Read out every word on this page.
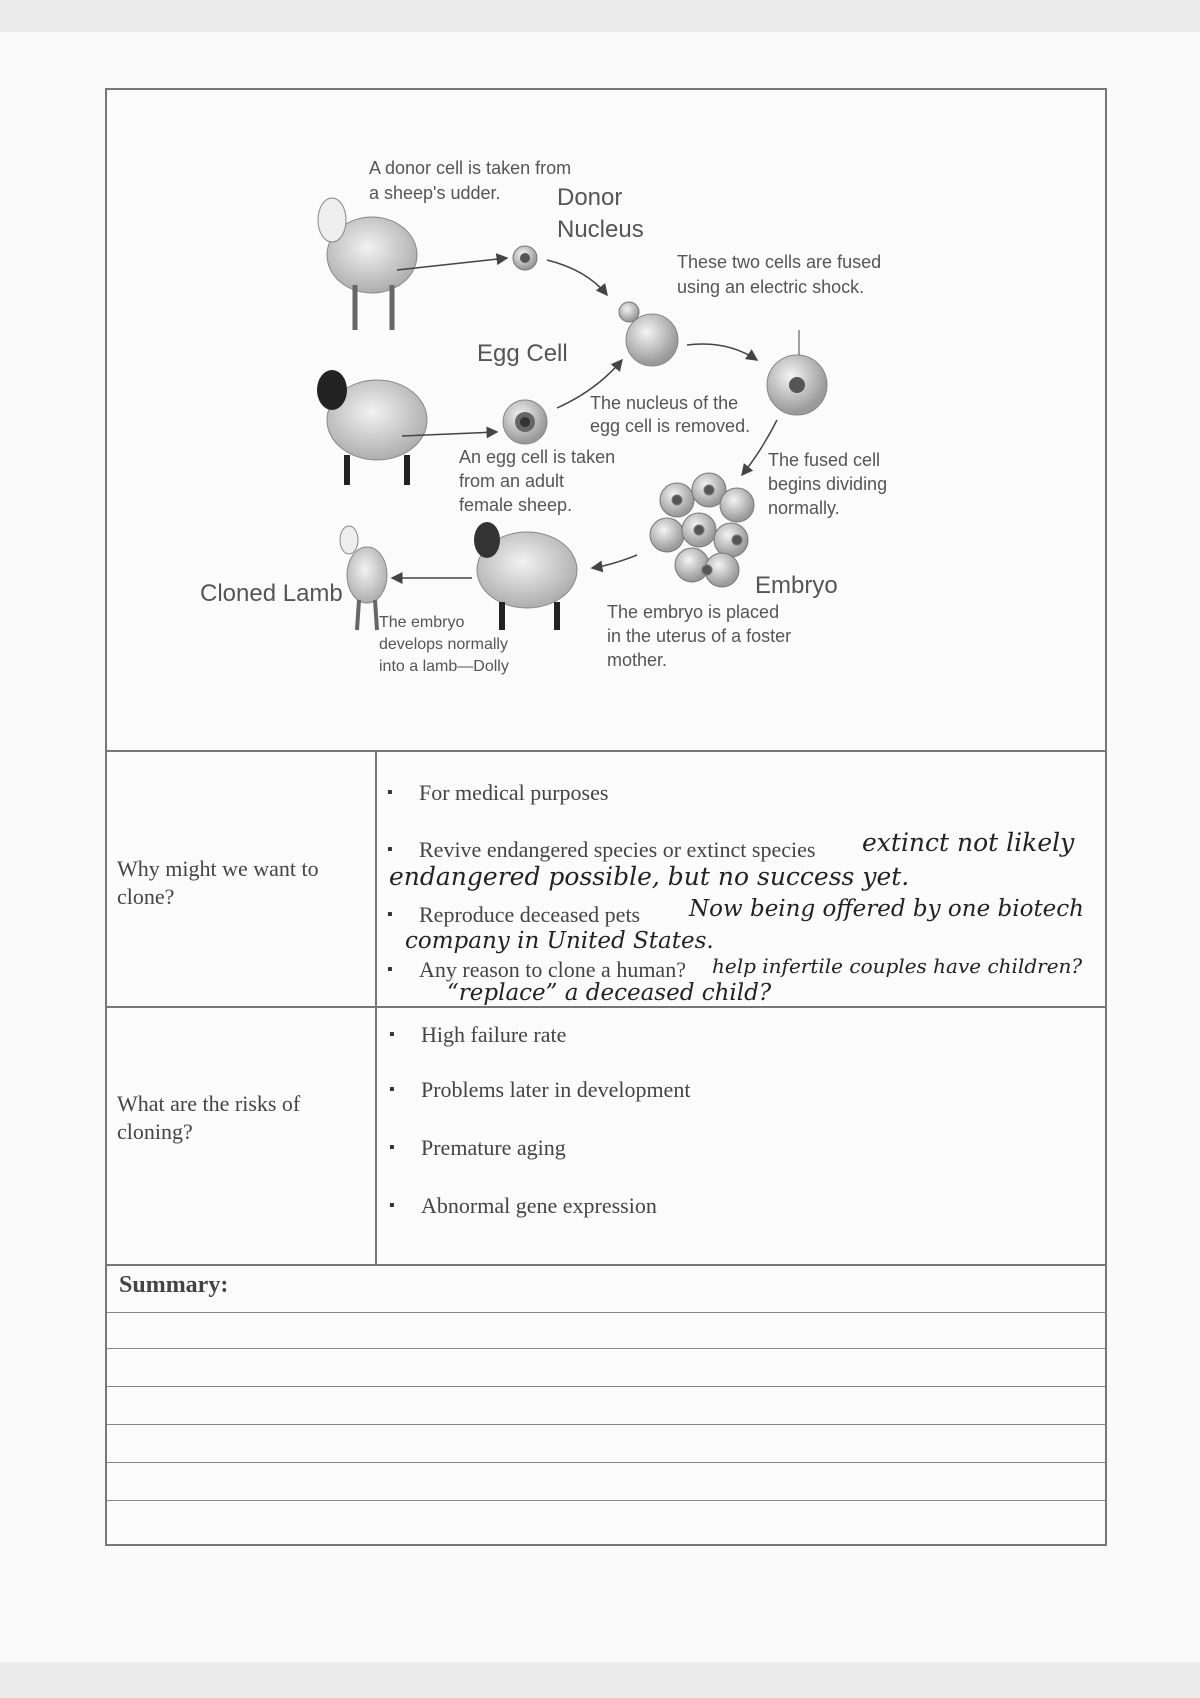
A donor cell is taken from
a sheep's udder.	Donor
Nucleus
These two cells are fused
using an electric shock.
Egg Cell
The nucleus of the
egg cell is removed.
An egg cell is taken
from an adult
female sheep.
The fused cell
begins dividing
normally.
Embryo
Cloned Lamb
The embryo
develops normally
into a lamb—Dolly
The embryo is placed
in the uterus of a foster
mother.
Why might we want to clone?
▪ For medical purposes
▪ Revive endangered species or extinct species
▪ Reproduce deceased pets
▪ Any reason to clone a human?
extinct not likely
endangered possible, but no success yet.
Now being offered by one biotech
company in United States.
help infertile couples have children?
“replace” a deceased child?
What are the risks of cloning?
▪ High failure rate
▪ Problems later in development
▪ Premature aging
▪ Abnormal gene expression
Summary:
